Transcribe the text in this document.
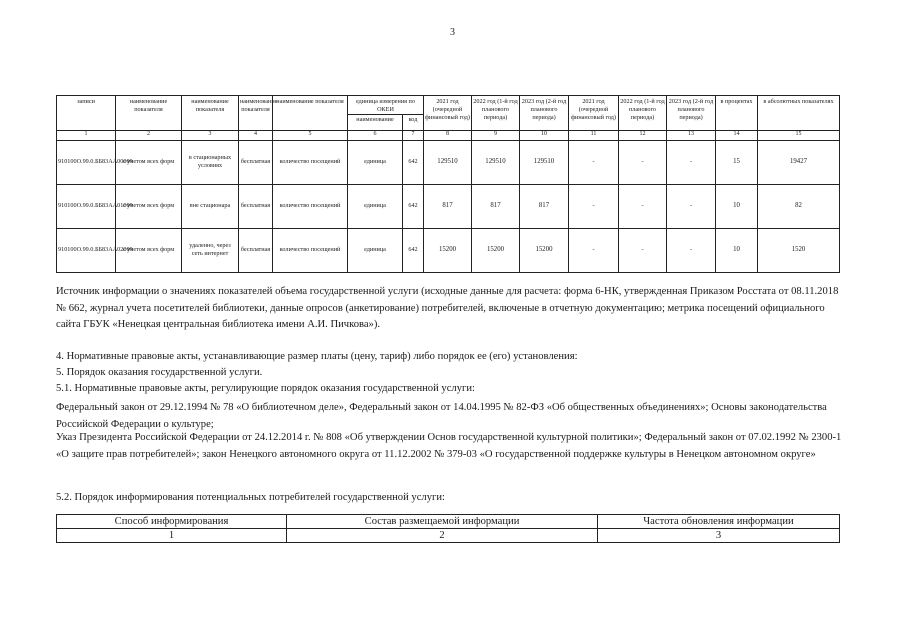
3
записи	наименование показателя	наименование показателя	наименование показателя	наименование показателя	единица измерения по ОКЕИ		2021 год (очередной финансовый год)	2022 год (1-й год планового периода)	2023 год (2-й год планового периода)	2021 год (очередной финансовый год)	2022 год (1-й год планового периода)	2023 год (2-й год планового периода)	в процентах	в абсолютных показателях
					наименование	код								
1	2	3	4	5	6	7	8	9	10	11	12	13	14	15
910100О.99.0.ББ83АА00000	с учетом всех форм	в стационарных условиях	бесплатная	количество посещений	единица	642	129510	129510	129510	-	-	-	15	19427
910100О.99.0.ББ83АА01000	с учетом всех форм	вне стационара	бесплатная	количество посещений	единица	642	817	817	817	-	-	-	10	82
910100О.99.0.ББ83АА02000	с учетом всех форм	удаленно, через сеть интернет	бесплатная	количество посещений	единица	642	15200	15200	15200	-	-	-	10	1520

Источник информации о значениях показателей объема государственной услуги (исходные данные для расчета: форма 6-НК, утвержденная Приказом Росстата от 08.11.2018 № 662, журнал учета посетителей библиотеки, данные опросов (анкетирование) потребителей, включеные в отчетную документацию; метрика посещений официального сайта ГБУК «Ненецкая центральная библиотека имени А.И. Пичкова»).

4. Нормативные правовые акты, устанавливающие размер платы (цену, тариф) либо порядок ее (его) установления:

5. Порядок оказания государственной услуги.

5.1. Нормативные правовые акты, регулирующие порядок оказания государственной услуги:

Федеральный закон от 29.12.1994 № 78 «О библиотечном деле», Федеральный закон от 14.04.1995 № 82-ФЗ «Об общественных объединениях»; Основы законодательства Российской Федерации о культуре;

Указ Президента Российской Федерации от 24.12.2014 г. № 808 «Об утверждении Основ государственной культурной политики»; Федеральный закон от 07.02.1992 № 2300-1 «О защите прав потребителей»; закон Ненецкого автономного округа от 11.12.2002 № 379-03 «О государственной поддержке культуры в Ненецком автономном округе»

5.2. Порядок информирования потенциальных потребителей государственной услуги:

Способ информирования	Состав размещаемой информации	Частота обновления информации
1	2	3
